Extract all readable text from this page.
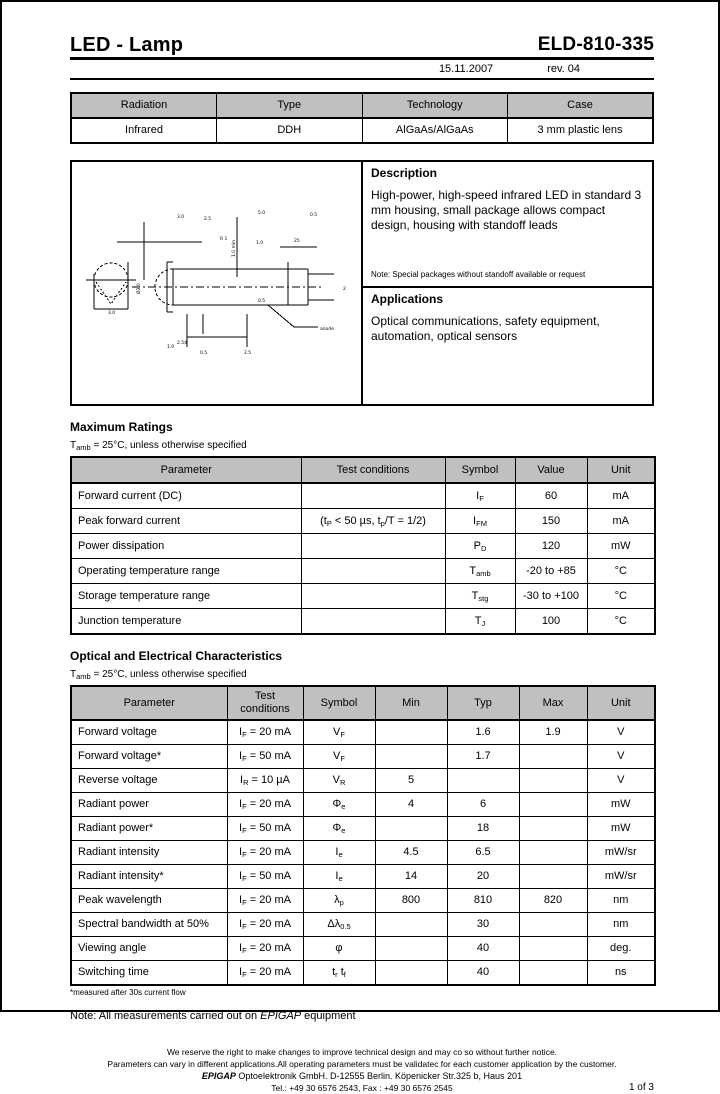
LED - Lamp	ELD-810-335
15.11.2007	rev. 04
Radiation	Type	Technology	Case
Infrared	DDH	AlGaAs/AlGaAs	3 mm plastic lens
3.0	2.5
5.0	0.5
R 1
1.0	25
0.5	2.5
2.54
1.0
anode
0.5
2
3.0
Ø3.0
1.0 min
Description
High-power, high-speed infrared LED in standard 3 mm housing, small package allows compact design, housing with standoff leads
Note: Special packages without standoff available or request
Applications
Optical communications, safety equipment, automation, optical sensors
Maximum Ratings
$T_{amb} = 25^\circ C$, unless otherwise specified
Parameter	Test conditions	Symbol	Value	Unit
Forward current (DC)		$I_F$	60	mA
Peak forward current	($t_P < 50$ µs, $t_p/T = 1/2$)	$I_{FM}$	150	mA
Power dissipation		$P_D$	120	mW
Operating temperature range		$T_{amb}$	-20 to +85	°C
Storage temperature range		$T_{stg}$	-30 to +100	°C
Junction temperature		$T_J$	100	°C
Optical and Electrical Characteristics
$T_{amb} = 25^\circ C$, unless otherwise specified
Parameter	Test conditions	Symbol	Min	Typ	Max	Unit
Forward voltage	$I_F = 20$ mA	$V_F$		1.6	1.9	V
Forward voltage*	$I_F = 50$ mA	$V_F$		1.7		V
Reverse voltage	$I_R = 10$ µA	$V_R$	5			V
Radiant power	$I_F = 20$ mA	$\Phi_e$	4	6		mW
Radiant power*	$I_F = 50$ mA	$\Phi_e$		18		mW
Radiant intensity	$I_F = 20$ mA	$I_e$	4.5	6.5		mW/sr
Radiant intensity*	$I_F = 50$ mA	$I_e$	14	20		mW/sr
Peak wavelength	$I_F = 20$ mA	$\lambda_p$	800	810	820	nm
Spectral bandwidth at 50%	$I_F = 20$ mA	$\Delta\lambda_{0.5}$		30		nm
Viewing angle	$I_F = 20$ mA	φ		40		deg.
Switching time	$I_F = 20$ mA	$t_r$ $t_f$		40		ns
*measured after 30s current flow
Note: All measurements carried out on EPIGAP equipment
We reserve the right to make changes to improve technical design and may co so without further notice.
Parameters can vary in different applications.All operating parameters must be validatec for each customer application by the customer.
EPIGAP Optoelektronik GmbH. D-12555 Berlin. Köpenicker Str.325 b, Haus 201
Tel.: +49 30 6576 2543, Fax : +49 30 6576 2545	1 of 3
